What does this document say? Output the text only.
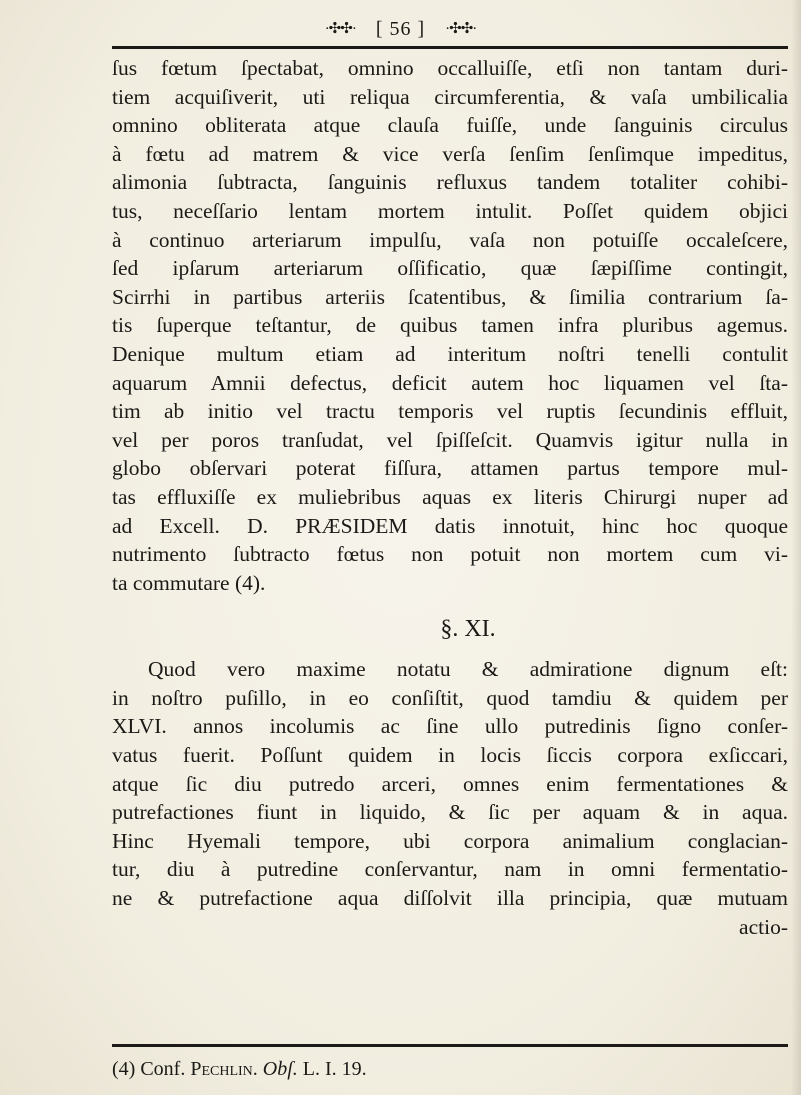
·✣✣· [ 56 ] ·✣✣·
ſus fœtum ſpectabat, omnino occalluiſſe, etſi non tantam duri-
tiem acquiſiverit, uti reliqua circumferentia, & vaſa umbilicalia
omnino obliterata atque clauſa fuiſſe, unde ſanguinis circulus
à fœtu ad matrem & vice verſa ſenſim ſenſimque impeditus,
alimonia ſubtracta, ſanguinis refluxus tandem totaliter cohibi-
tus, neceſſario lentam mortem intulit. Poſſet quidem objici
à continuo arteriarum impulſu, vaſa non potuiſſe occaleſcere,
ſed ipſarum arteriarum oſſificatio, quæ ſæpiſſime contingit,
Scirrhi in partibus arteriis ſcatentibus, & ſimilia contrarium ſa-
tis ſuperque teſtantur, de quibus tamen infra pluribus agemus.
Denique multum etiam ad interitum noſtri tenelli contulit
aquarum Amnii defectus, deficit autem hoc liquamen vel ſta-
tim ab initio vel tractu temporis vel ruptis ſecundinis effluit,
vel per poros tranſudat, vel ſpiſſeſcit. Quamvis igitur nulla in
globo obſervari poterat fiſſura, attamen partus tempore mul-
tas effluxiſſe ex muliebribus aquas ex literis Chirurgi nuper ad
ad Excell. D. PRÆSIDEM datis innotuit, hinc hoc quoque
nutrimento ſubtracto fœtus non potuit non mortem cum vi-
ta commutare (4).
§. XI.
Quod vero maxime notatu & admiratione dignum eſt:
in noſtro puſillo, in eo conſiſtit, quod tamdiu & quidem per
XLVI. annos incolumis ac ſine ullo putredinis ſigno conſer-
vatus fuerit. Poſſunt quidem in locis ſiccis corpora exſiccari,
atque ſic diu putredo arceri, omnes enim fermentationes &
putrefactiones fiunt in liquido, & ſic per aquam & in aqua.
Hinc Hyemali tempore, ubi corpora animalium conglacian-
tur, diu à putredine conſervantur, nam in omni fermentatio-
ne & putrefactione aqua diſſolvit illa principia, quæ mutuam
actio-
(4) Conf. Pechlin. Obſ. L. I. 19.
